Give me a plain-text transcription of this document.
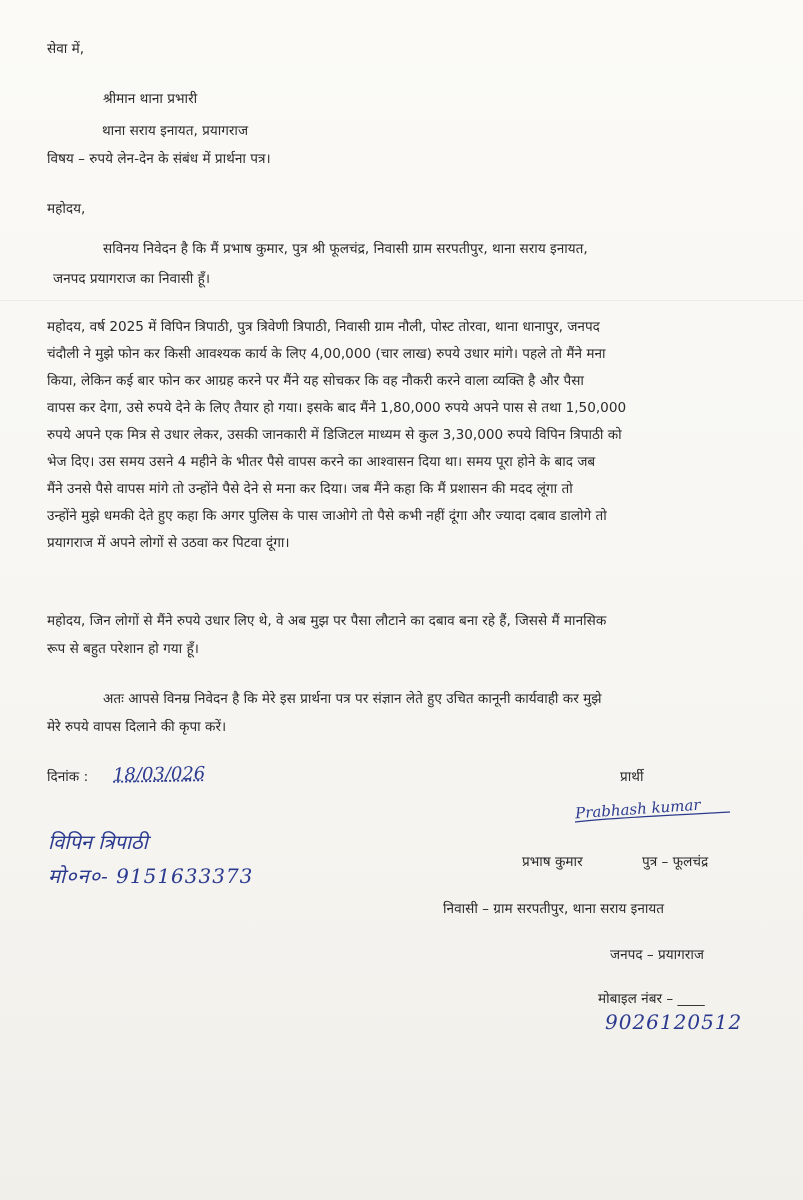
सेवा में,
श्रीमान थाना प्रभारी
थाना सराय इनायत, प्रयागराज
विषय – रुपये लेन-देन के संबंध में प्रार्थना पत्र।
महोदय,
सविनय निवेदन है कि मैं प्रभाष कुमार, पुत्र श्री फूलचंद्र, निवासी ग्राम सरपतीपुर, थाना सराय इनायत,
जनपद प्रयागराज का निवासी हूँ।
महोदय, वर्ष 2025 में विपिन त्रिपाठी, पुत्र त्रिवेणी त्रिपाठी, निवासी ग्राम नौली, पोस्ट तोरवा, थाना धानापुर, जनपद
चंदौली ने मुझे फोन कर किसी आवश्यक कार्य के लिए 4,00,000 (चार लाख) रुपये उधार मांगे। पहले तो मैंने मना
किया, लेकिन कई बार फोन कर आग्रह करने पर मैंने यह सोचकर कि वह नौकरी करने वाला व्यक्ति है और पैसा
वापस कर देगा, उसे रुपये देने के लिए तैयार हो गया। इसके बाद मैंने 1,80,000 रुपये अपने पास से तथा 1,50,000
रुपये अपने एक मित्र से उधार लेकर, उसकी जानकारी में डिजिटल माध्यम से कुल 3,30,000 रुपये विपिन त्रिपाठी को
भेज दिए। उस समय उसने 4 महीने के भीतर पैसे वापस करने का आश्वासन दिया था। समय पूरा होने के बाद जब
मैंने उनसे पैसे वापस मांगे तो उन्होंने पैसे देने से मना कर दिया। जब मैंने कहा कि मैं प्रशासन की मदद लूंगा तो
उन्होंने मुझे धमकी देते हुए कहा कि अगर पुलिस के पास जाओगे तो पैसे कभी नहीं दूंगा और ज्यादा दबाव डालोगे तो
प्रयागराज में अपने लोगों से उठवा कर पिटवा दूंगा।
महोदय, जिन लोगों से मैंने रुपये उधार लिए थे, वे अब मुझ पर पैसा लौटाने का दबाव बना रहे हैं, जिससे मैं मानसिक
रूप से बहुत परेशान हो गया हूँ।
अतः आपसे विनम्र निवेदन है कि मेरे इस प्रार्थना पत्र पर संज्ञान लेते हुए उचित कानूनी कार्यवाही कर मुझे
मेरे रुपये वापस दिलाने की कृपा करें।
दिनांक : 18/03/026	प्रार्थी
Prabhash kumar
विपिन त्रिपाठी
मो०न०- 9151633373
प्रभाष कुमार	पुत्र – फूलचंद्र
निवासी – ग्राम सरपतीपुर, थाना सराय इनायत
जनपद – प्रयागराज
मोबाइल नंबर – ____
9026120512
